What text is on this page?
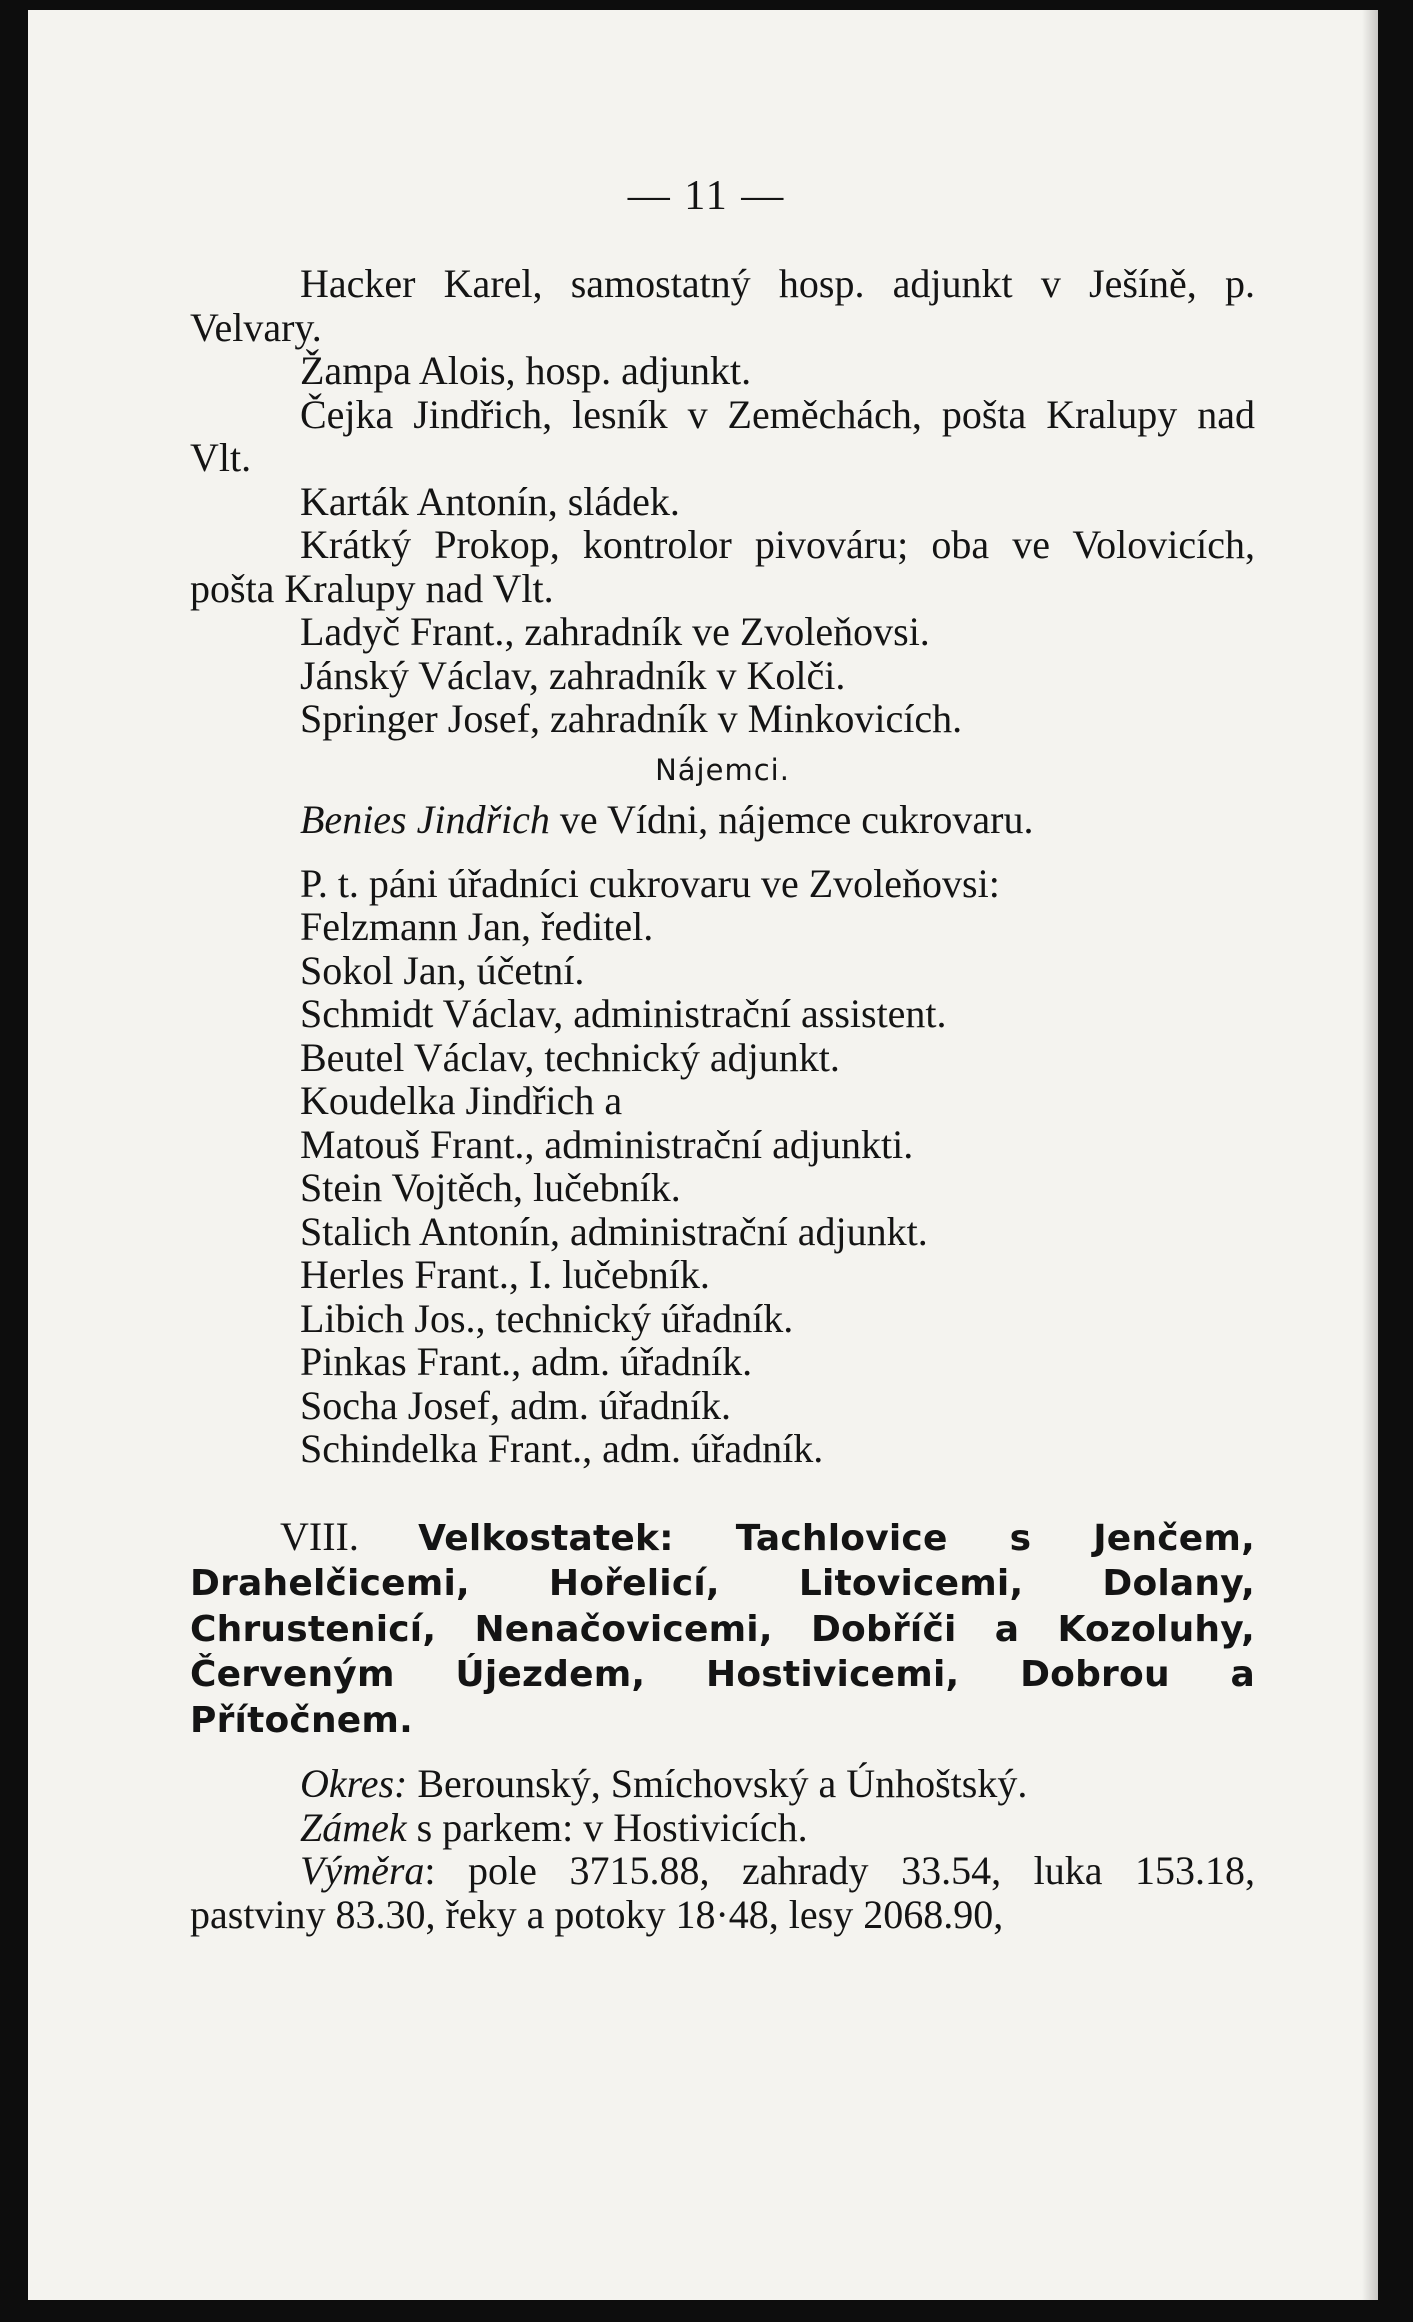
— 11 —

Hacker Karel, samostatný hosp. adjunkt v Ješíně, p. Velvary.

Žampa Alois, hosp. adjunkt.

Čejka Jindřich, lesník v Zeměchách, pošta Kralupy nad Vlt.

Karták Antonín, sládek.

Krátký Prokop, kontrolor pivováru; oba ve Volovicích, pošta Kralupy nad Vlt.

Ladyč Frant., zahradník ve Zvoleňovsi.

Jánský Václav, zahradník v Kolči.

Springer Josef, zahradník v Minkovicích.

Nájemci.

Benies Jindřich ve Vídni, nájemce cukrovaru.

P. t. páni úřadníci cukrovaru ve Zvoleňovsi:

Felzmann Jan, ředitel.

Sokol Jan, účetní.

Schmidt Václav, administrační assistent.

Beutel Václav, technický adjunkt.

Koudelka Jindřich a

Matouš Frant., administrační adjunkti.

Stein Vojtěch, lučebník.

Stalich Antonín, administrační adjunkt.

Herles Frant., I. lučebník.

Libich Jos., technický úřadník.

Pinkas Frant., adm. úřadník.

Socha Josef, adm. úřadník.

Schindelka Frant., adm. úřadník.

VIII. Velkostatek: Tachlovice s Jenčem, Drahelčicemi, Hořelicí, Litovicemi, Dolany, Chrustenicí, Nenačovicemi, Dobříči a Kozoluhy, Červeným Újezdem, Hostivicemi, Dobrou a Přítočnem.

Okres: Berounský, Smíchovský a Únhoštský.

Zámek s parkem: v Hostivicích.

Výměra: pole 3715.88, zahrady 33.54, luka 153.18, pastviny 83.30, řeky a potoky 18·48, lesy 2068.90,
